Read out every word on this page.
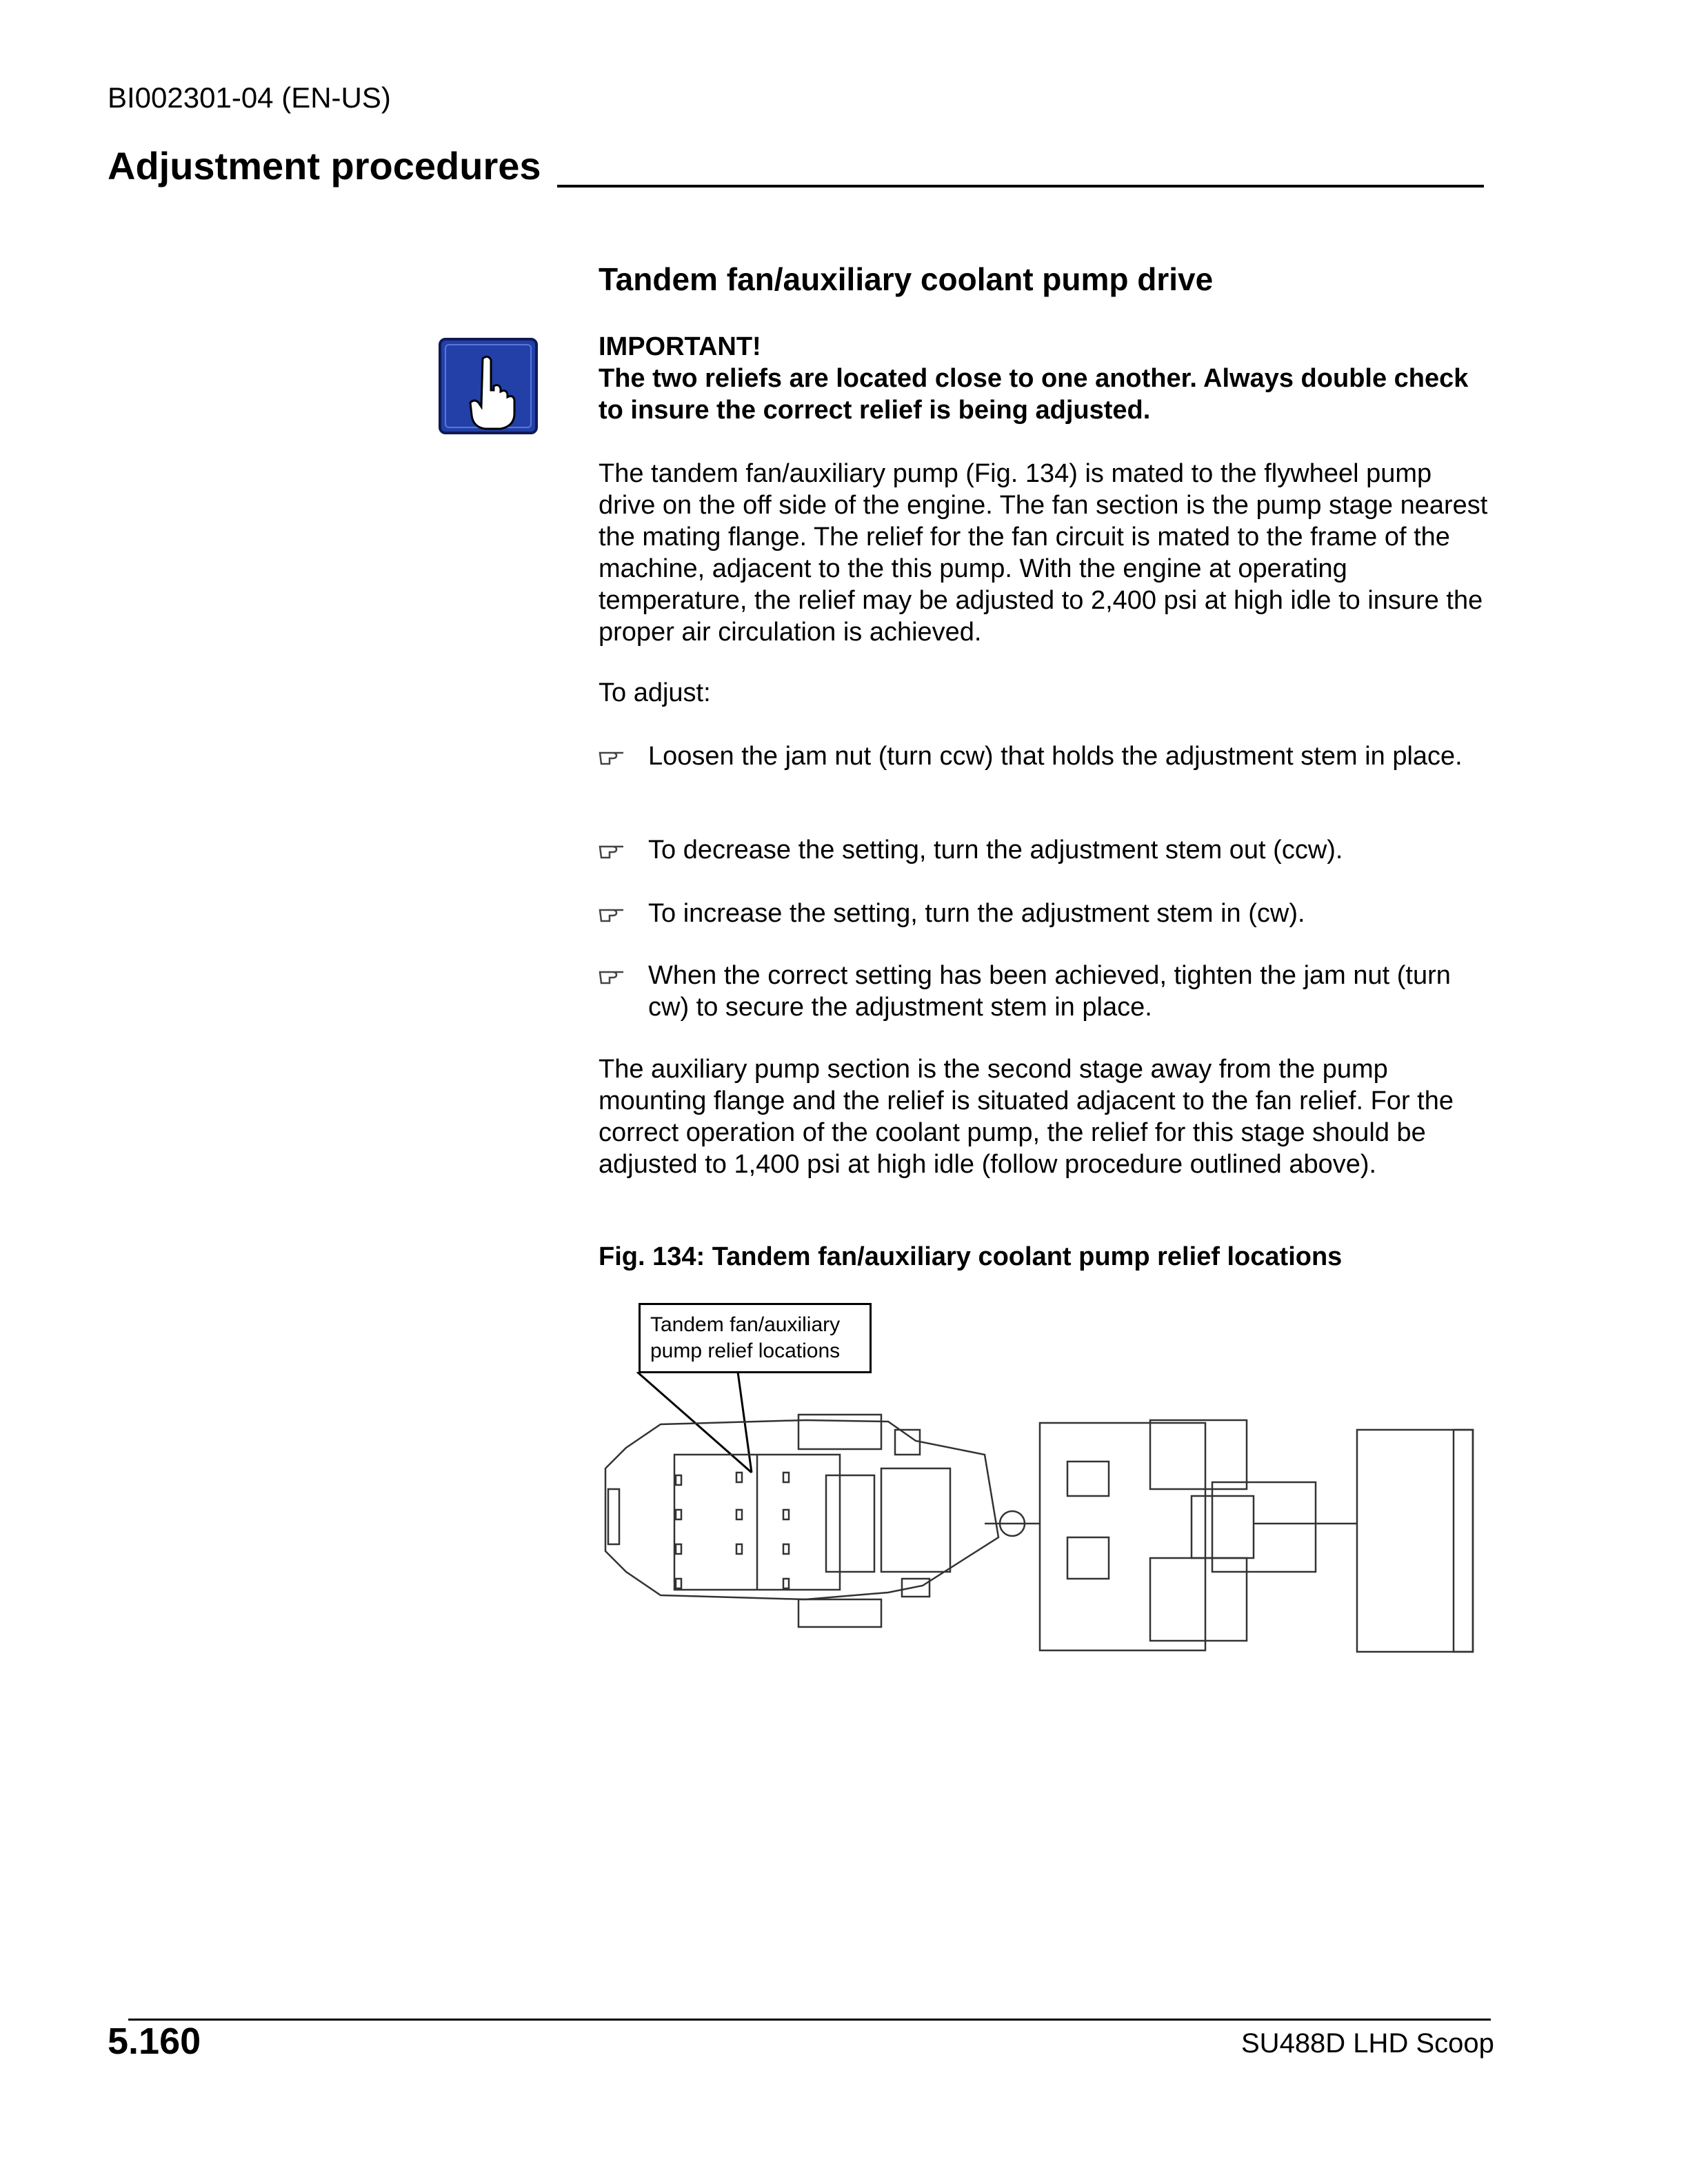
BI002301-04 (EN-US)
Adjustment procedures
Tandem fan/auxiliary coolant pump drive
IMPORTANT!
The two reliefs are located close to one another. Always double check to insure the correct relief is being adjusted.
The tandem fan/auxiliary pump (Fig. 134) is mated to the flywheel pump drive on the off side of the engine. The fan section is the pump stage nearest the mating flange. The relief for the fan circuit is mated to the frame of the machine, adjacent to the this pump. With the engine at operating temperature, the relief may be adjusted to 2,400 psi at high idle to insure the proper air circulation is achieved.
To adjust:
Loosen the jam nut (turn ccw) that holds the adjustment stem in place.
To decrease the setting, turn the adjustment stem out (ccw).
To increase the setting, turn the adjustment stem in (cw).
When the correct setting has been achieved, tighten the jam nut (turn cw) to secure the adjustment stem in place.
The auxiliary pump section is the second stage away from the pump mounting flange and the relief is situated adjacent to the fan relief. For the correct operation of the coolant pump, the relief for this stage should be adjusted to 1,400 psi at high idle (follow procedure outlined above).
Fig. 134: Tandem fan/auxiliary coolant pump relief locations
Tandem fan/auxiliary
pump relief locations
5.160	SU488D LHD Scoop
